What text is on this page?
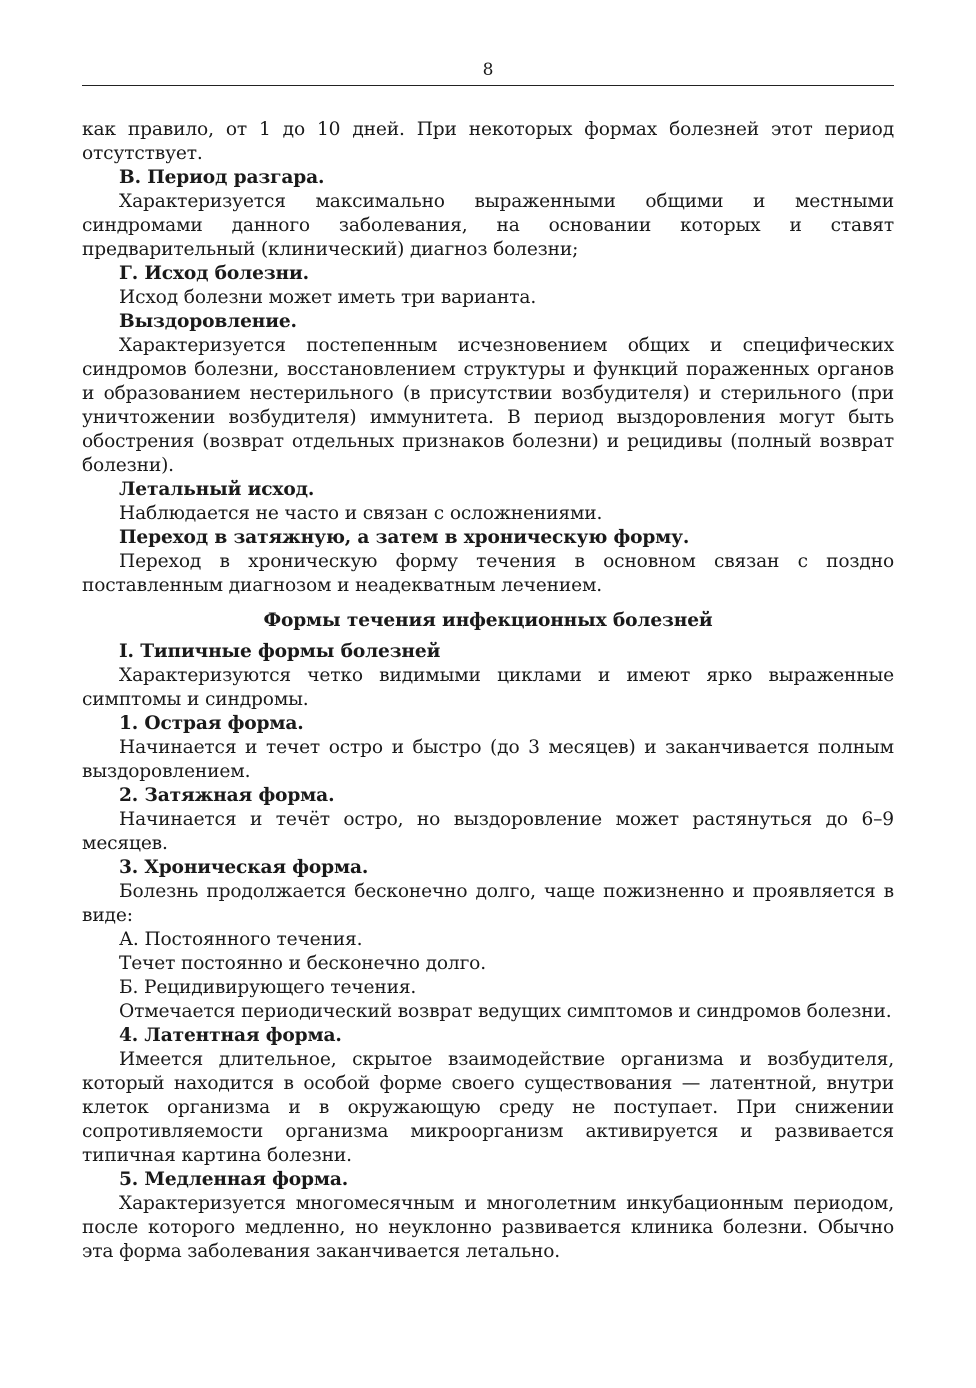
8

как правило, от 1 до 10 дней. При некоторых формах болезней этот период отсутствует.

В. Период разгара.

Характеризуется максимально выраженными общими и местными синдромами данного заболевания, на основании которых и ставят предварительный (клинический) диагноз болезни;

Г. Исход болезни.

Исход болезни может иметь три варианта.

Выздоровление.

Характеризуется постепенным исчезновением общих и специфических синдромов болезни, восстановлением структуры и функций пораженных органов и образованием нестерильного (в присутствии возбудителя) и стерильного (при уничтожении возбудителя) иммунитета. В период выздоровления могут быть обострения (возврат отдельных признаков болезни) и рецидивы (полный возврат болезни).

Летальный исход.

Наблюдается не часто и связан с осложнениями.

Переход в затяжную, а затем в хроническую форму.

Переход в хроническую форму течения в основном связан с поздно поставленным диагнозом и неадекватным лечением.

Формы течения инфекционных болезней

I. Типичные формы болезней

Характеризуются четко видимыми циклами и имеют ярко выраженные симптомы и синдромы.

1. Острая форма.

Начинается и течет остро и быстро (до 3 месяцев) и заканчивается полным выздоровлением.

2. Затяжная форма.

Начинается и течёт остро, но выздоровление может растянуться до 6–9 месяцев.

3. Хроническая форма.

Болезнь продолжается бесконечно долго, чаще пожизненно и проявляется в виде:

А. Постоянного течения.

Течет постоянно и бесконечно долго.

Б. Рецидивирующего течения.

Отмечается периодический возврат ведущих симптомов и синдромов болезни.

4. Латентная форма.

Имеется длительное, скрытое взаимодействие организма и возбудителя, который находится в особой форме своего существования — латентной, внутри клеток организма и в окружающую среду не поступает. При снижении сопротивляемости организма микроорганизм активируется и развивается типичная картина болезни.

5. Медленная форма.

Характеризуется многомесячным и многолетним инкубационным периодом, после которого медленно, но неуклонно развивается клиника болезни. Обычно эта форма заболевания заканчивается летально.
